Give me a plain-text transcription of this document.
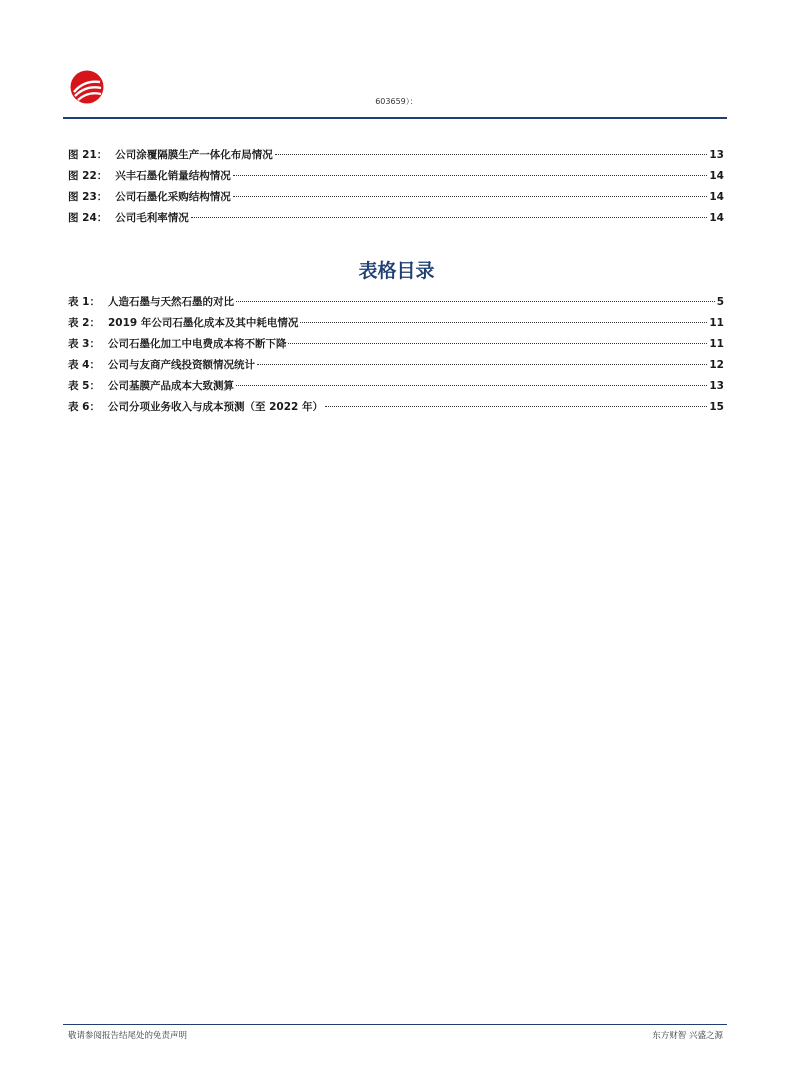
603659）：
图 21： 公司涂覆隔膜生产一体化布局情况	13
图 22： 兴丰石墨化销量结构情况	14
图 23： 公司石墨化采购结构情况	14
图 24： 公司毛利率情况	14
表格目录
表 1： 人造石墨与天然石墨的对比	5
表 2： 2019 年公司石墨化成本及其中耗电情况	11
表 3： 公司石墨化加工中电费成本将不断下降	11
表 4： 公司与友商产线投资额情况统计	12
表 5： 公司基膜产品成本大致测算	13
表 6： 公司分项业务收入与成本预测（至 2022 年）	15
敬请参阅报告结尾处的免责声明	东方财智 兴盛之源
